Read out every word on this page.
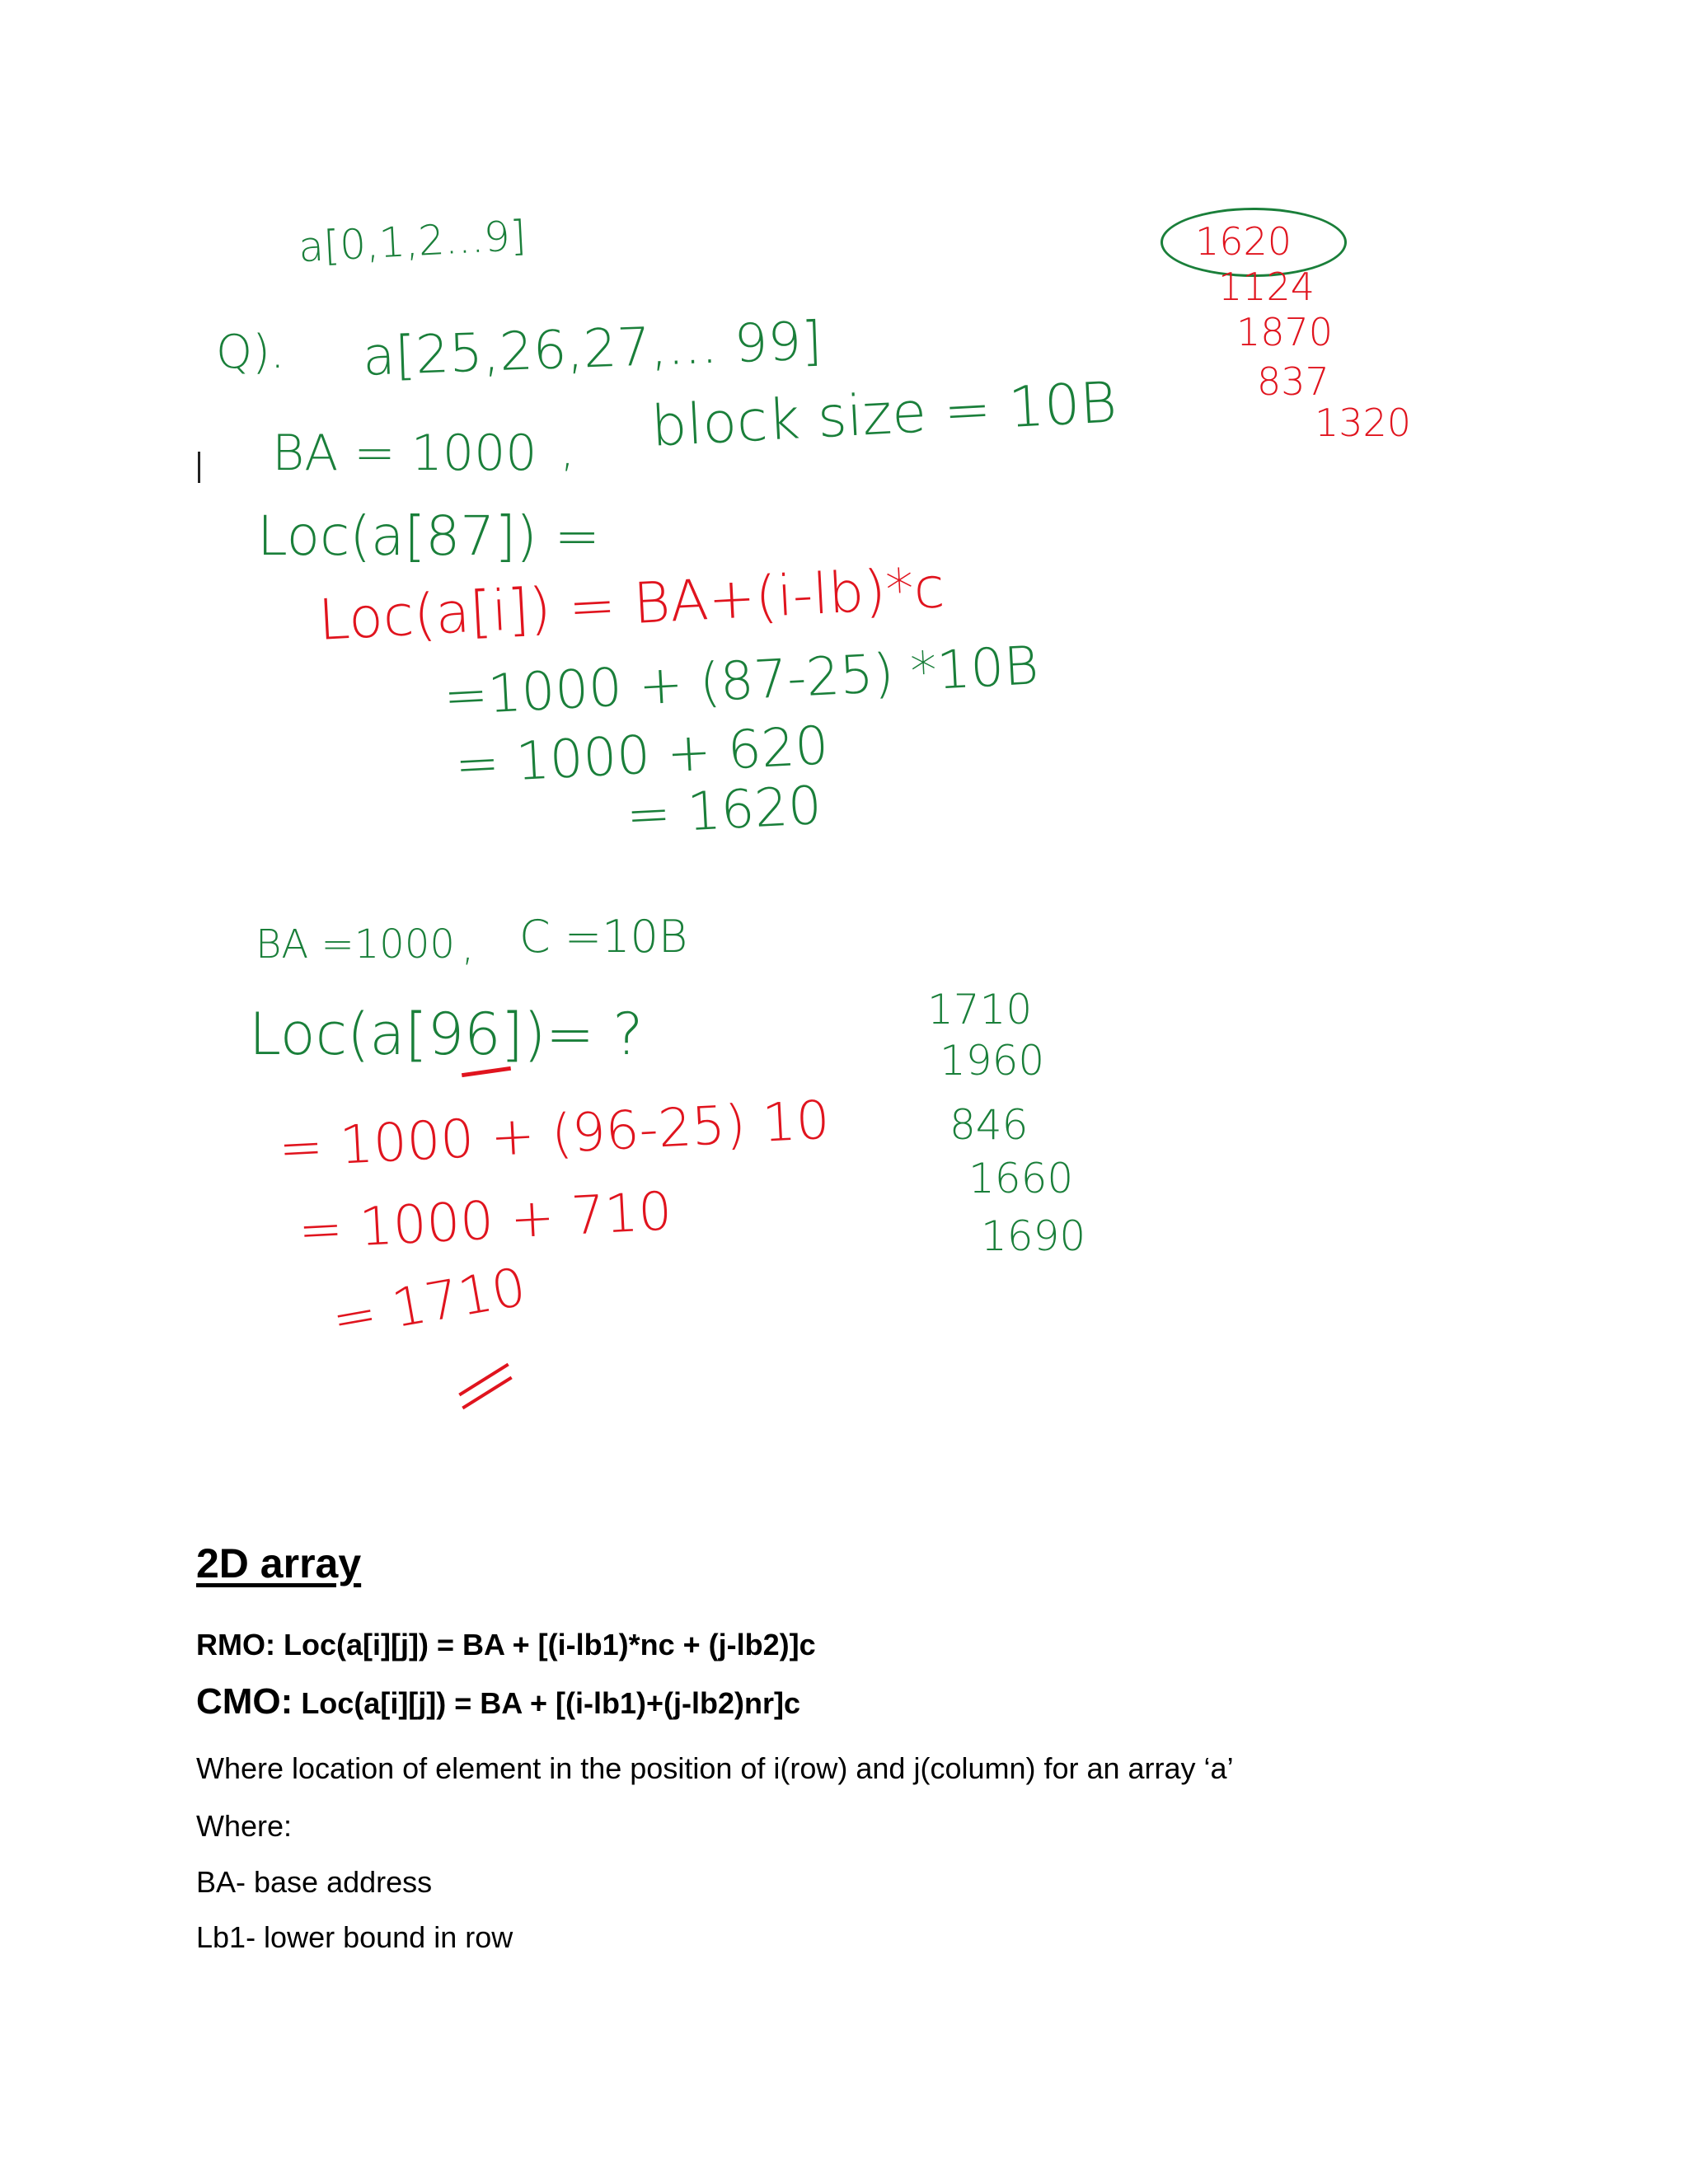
a[0,1,2...9]
Q). a[25,26,27,... 99]
BA = 1000 , block size = 10B
Loc(a[87]) =
Loc(a[i]) = BA+(i-lb)*c
=1000 + (87-25) *10B
= 1000 + 620
= 1620
1620
1124
1870
837
1320
BA =1000 , C =10B
Loc(a[96])= ?
= 1000 + (96-25) 10
= 1000 + 710
= 1710
1710
1960
846
1660
1690
2D array
RMO: Loc(a[i][j]) = BA + [(i-lb1)*nc + (j-lb2)]c
CMO: Loc(a[i][j]) = BA + [(i-lb1)+(j-lb2)nr]c
Where location of element in the position of i(row) and j(column) for an array ‘a’
Where:
BA- base address
Lb1- lower bound in row
